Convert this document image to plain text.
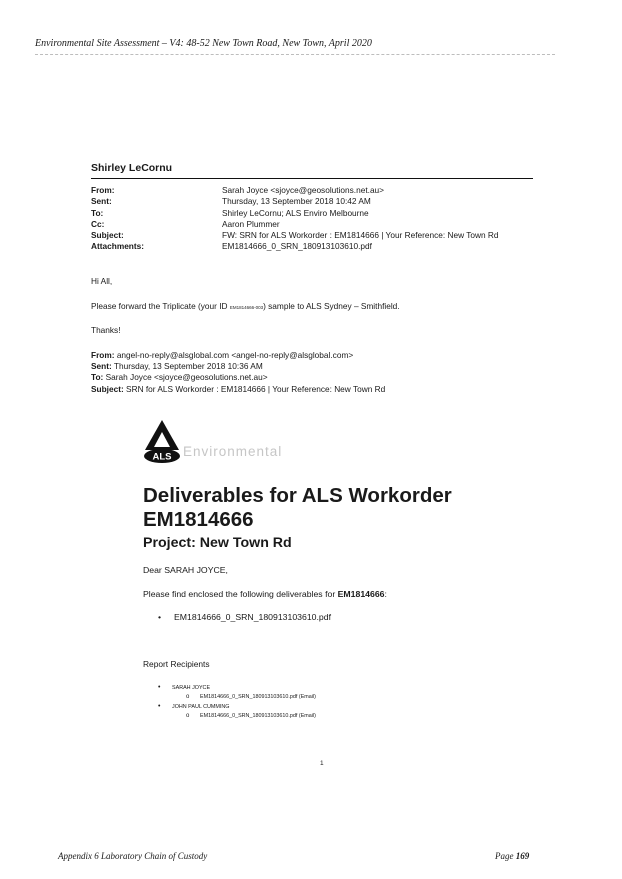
Environmental Site Assessment – V4: 48-52 New Town Road, New Town, April 2020
Shirley LeCornu
From:	Sarah Joyce <sjoyce@geosolutions.net.au>
Sent:	Thursday, 13 September 2018 10:42 AM
To:	Shirley LeCornu; ALS Enviro Melbourne
Cc:	Aaron Plummer
Subject:	FW: SRN for ALS Workorder : EM1814666 | Your Reference: New Town Rd
Attachments:	EM1814666_0_SRN_180913103610.pdf
Hi All,
Please forward the Triplicate (your ID EM1814666-003) sample to ALS Sydney – Smithfield.
Thanks!
From: angel-no-reply@alsglobal.com <angel-no-reply@alsglobal.com>
Sent: Thursday, 13 September 2018 10:36 AM
To: Sarah Joyce <sjoyce@geosolutions.net.au>
Subject: SRN for ALS Workorder : EM1814666 | Your Reference: New Town Rd
ALS Environmental
Deliverables for ALS Workorder EM1814666
Project: New Town Rd
Dear SARAH JOYCE,
Please find enclosed the following deliverables for EM1814666:
• EM1814666_0_SRN_180913103610.pdf
Report Recipients
• SARAH JOYCE
o EM1814666_0_SRN_180913103610.pdf (Email)
• JOHN PAUL CUMMING
o EM1814666_0_SRN_180913103610.pdf (Email)
1
Appendix 6 Laboratory Chain of Custody	Page 169
